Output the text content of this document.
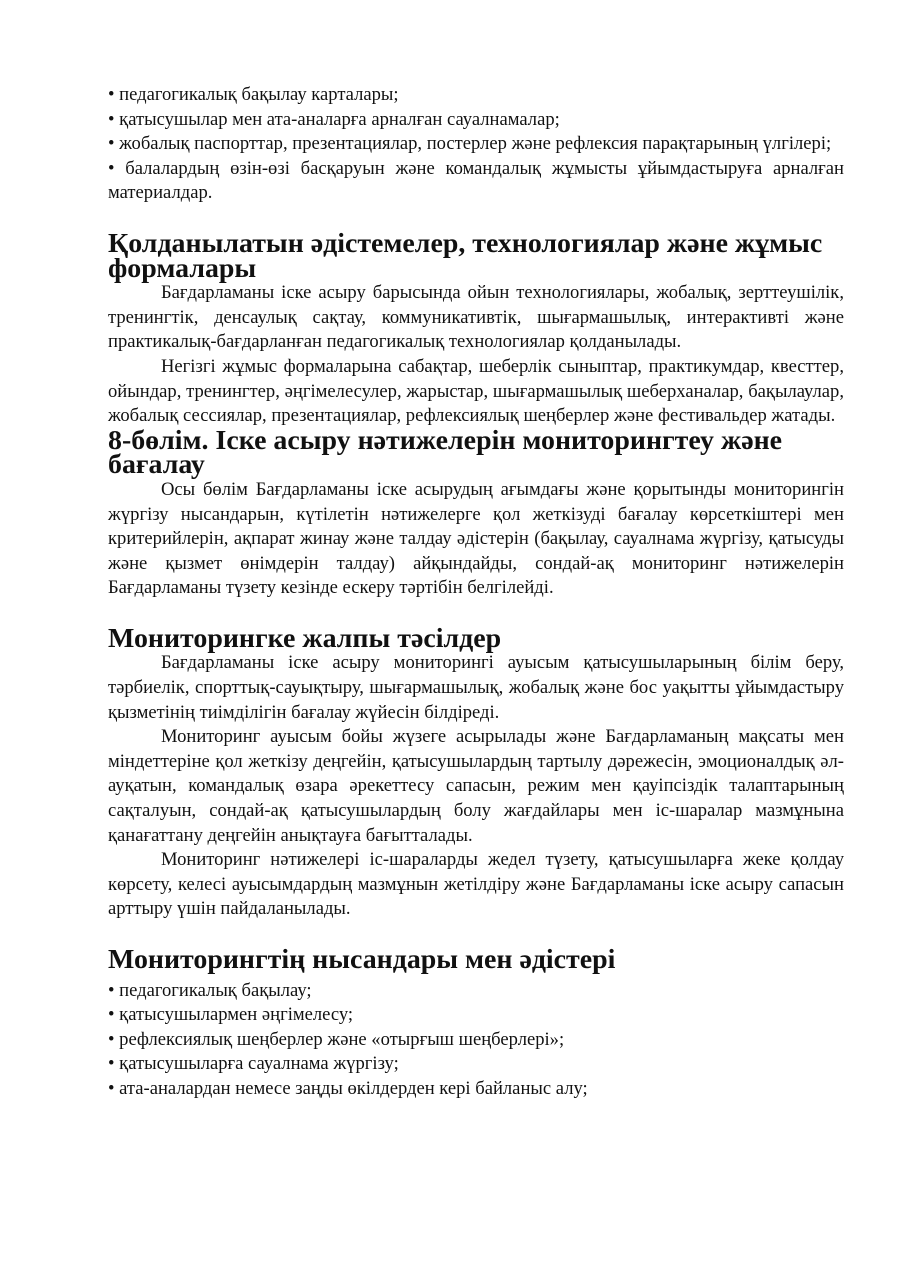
• педагогикалық бақылау карталары;

• қатысушылар мен ата-аналарға арналған сауалнамалар;

• жобалық паспорттар, презентациялар, постерлер және рефлексия парақтарының үлгілері;

• балалардың өзін-өзі басқаруын және командалық жұмысты ұйымдастыруға арналған материалдар.

Қолданылатын әдістемелер, технологиялар және жұмыс формалары

Бағдарламаны іске асыру барысында ойын технологиялары, жобалық, зерттеушілік, тренингтік, денсаулық сақтау, коммуникативтік, шығармашылық, интерактивті және практикалық-бағдарланған педагогикалық технологиялар қолданылады.

Негізгі жұмыс формаларына сабақтар, шеберлік сыныптар, практикумдар, квесттер, ойындар, тренингтер, әңгімелесулер, жарыстар, шығармашылық шеберханалар, бақылаулар, жобалық сессиялар, презентациялар, рефлексиялық шеңберлер және фестивальдер жатады.

8-бөлім. Іске асыру нәтижелерін мониторингтеу және бағалау

Осы бөлім Бағдарламаны іске асырудың ағымдағы және қорытынды мониторингін жүргізу нысандарын, күтілетін нәтижелерге қол жеткізуді бағалау көрсеткіштері мен критерийлерін, ақпарат жинау және талдау әдістерін (бақылау, сауалнама жүргізу, қатысуды және қызмет өнімдерін талдау) айқындайды, сондай-ақ мониторинг нәтижелерін Бағдарламаны түзету кезінде ескеру тәртібін белгілейді.

Мониторингке жалпы тәсілдер

Бағдарламаны іске асыру мониторингі ауысым қатысушыларының білім беру, тәрбиелік, спорттық-сауықтыру, шығармашылық, жобалық және бос уақытты ұйымдастыру қызметінің тиімділігін бағалау жүйесін білдіреді.

Мониторинг ауысым бойы жүзеге асырылады және Бағдарламаның мақсаты мен міндеттеріне қол жеткізу деңгейін, қатысушылардың тартылу дәрежесін, эмоционалдық әл-ауқатын, командалық өзара әрекеттесу сапасын, режим мен қауіпсіздік талаптарының сақталуын, сондай-ақ қатысушылардың болу жағдайлары мен іс-шаралар мазмұнына қанағаттану деңгейін анықтауға бағытталады.

Мониторинг нәтижелері іс-шараларды жедел түзету, қатысушыларға жеке қолдау көрсету, келесі ауысымдардың мазмұнын жетілдіру және Бағдарламаны іске асыру сапасын арттыру үшін пайдаланылады.

Мониторингтің нысандары мен әдістері

• педагогикалық бақылау;

• қатысушылармен әңгімелесу;

• рефлексиялық шеңберлер және «отырғыш шеңберлері»;

• қатысушыларға сауалнама жүргізу;

• ата-аналардан немесе заңды өкілдерден кері байланыс алу;
